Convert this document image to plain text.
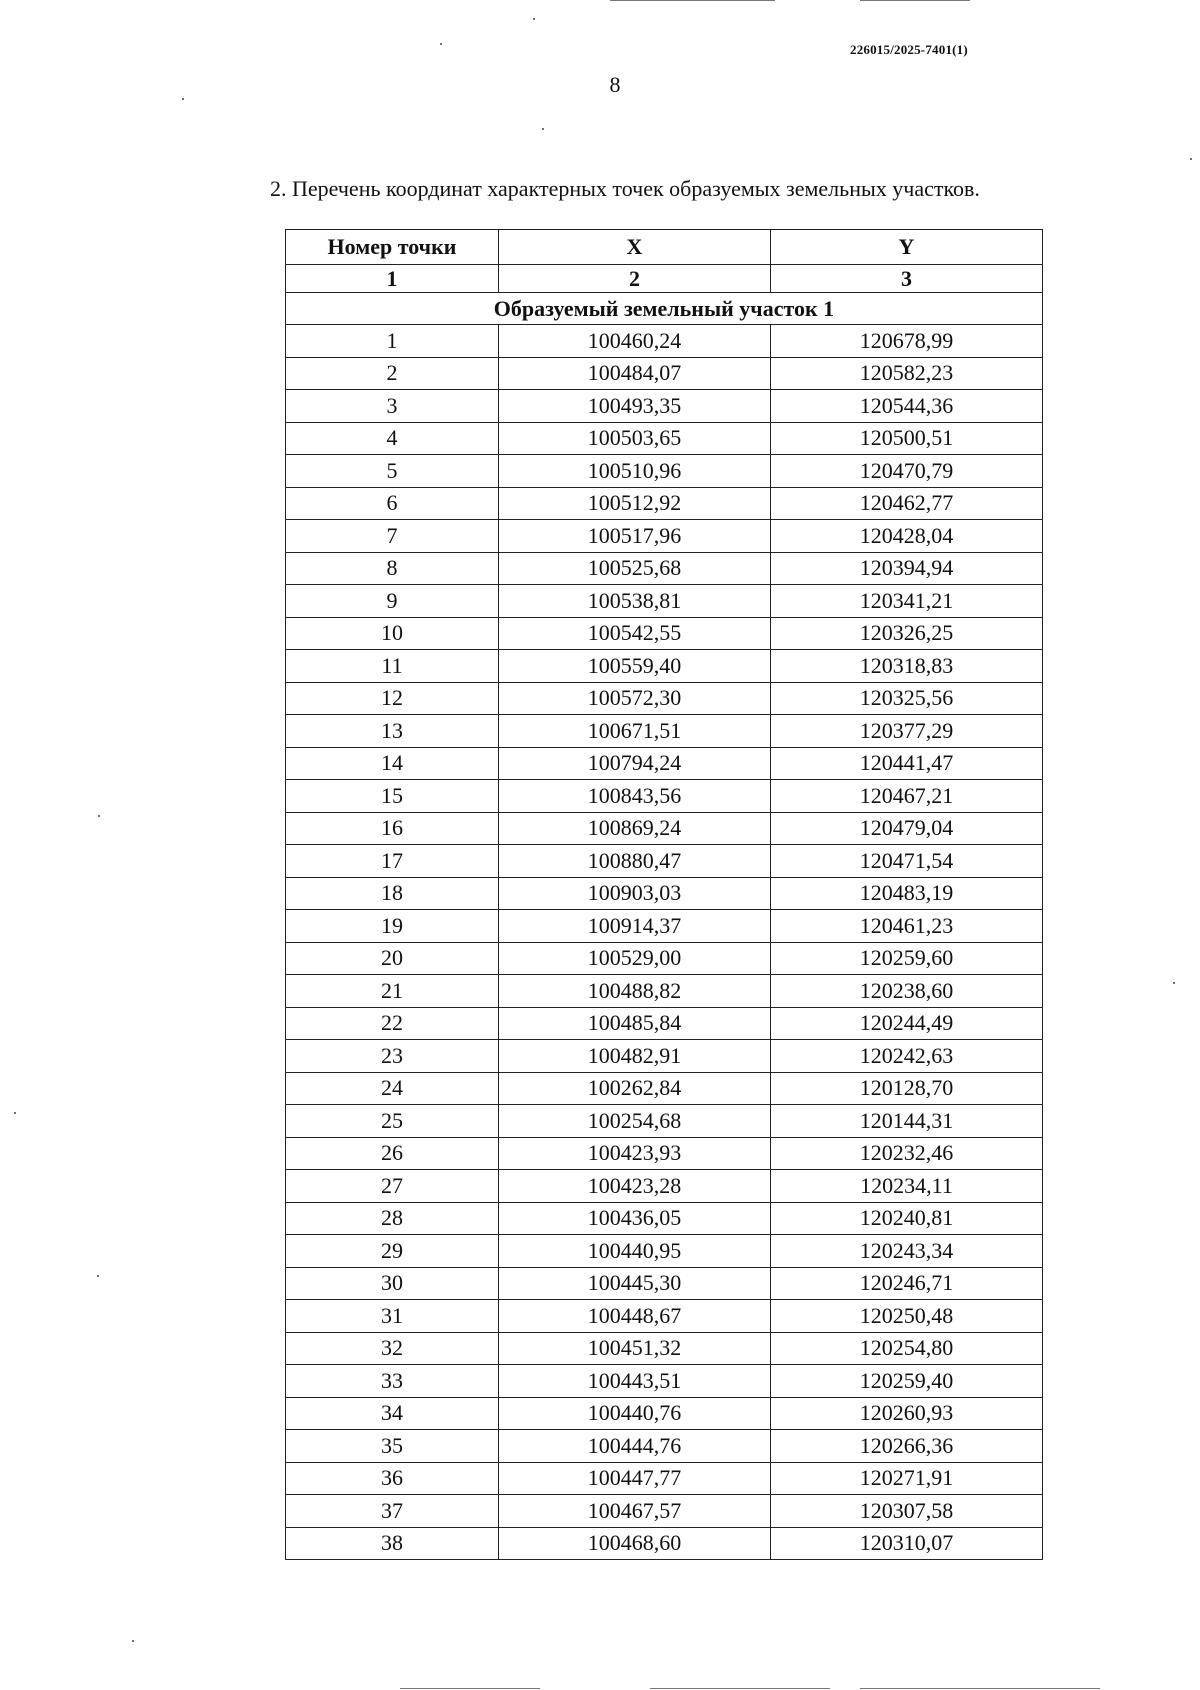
226015/2025-7401(1)
8
2. Перечень координат характерных точек образуемых земельных участков.
Номер точки	X	Y
1	2	3
Образуемый земельный участок 1		
1	100460,24	120678,99
2	100484,07	120582,23
3	100493,35	120544,36
4	100503,65	120500,51
5	100510,96	120470,79
6	100512,92	120462,77
7	100517,96	120428,04
8	100525,68	120394,94
9	100538,81	120341,21
10	100542,55	120326,25
11	100559,40	120318,83
12	100572,30	120325,56
13	100671,51	120377,29
14	100794,24	120441,47
15	100843,56	120467,21
16	100869,24	120479,04
17	100880,47	120471,54
18	100903,03	120483,19
19	100914,37	120461,23
20	100529,00	120259,60
21	100488,82	120238,60
22	100485,84	120244,49
23	100482,91	120242,63
24	100262,84	120128,70
25	100254,68	120144,31
26	100423,93	120232,46
27	100423,28	120234,11
28	100436,05	120240,81
29	100440,95	120243,34
30	100445,30	120246,71
31	100448,67	120250,48
32	100451,32	120254,80
33	100443,51	120259,40
34	100440,76	120260,93
35	100444,76	120266,36
36	100447,77	120271,91
37	100467,57	120307,58
38	100468,60	120310,07
